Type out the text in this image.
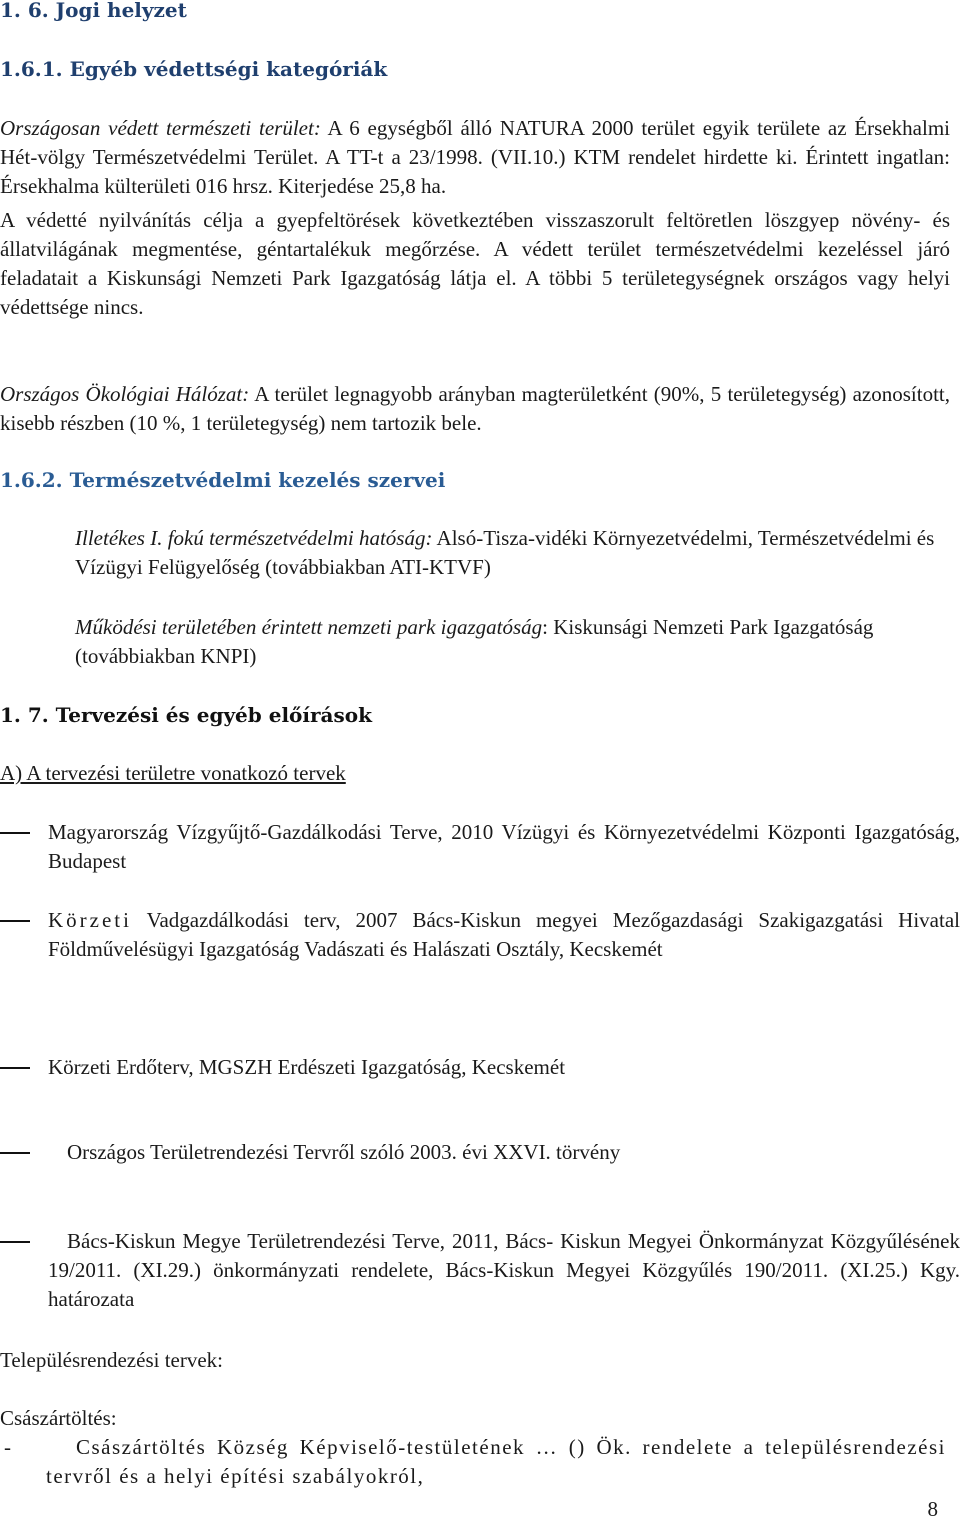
1. 6. Jogi helyzet
1.6.1. Egyéb védettségi kategóriák
Országosan védett természeti terület: A 6 egységből álló NATURA 2000 terület egyik területe az Érsekhalmi Hét-völgy Természetvédelmi Terület. A TT-t a 23/1998. (VII.10.) KTM rendelet hirdette ki. Érintett ingatlan: Érsekhalma külterületi 016 hrsz. Kiterjedése 25,8 ha.
A védetté nyilvánítás célja a gyepfeltörések következtében visszaszorult feltöretlen löszgyep növény- és állatvilágának megmentése, géntartalékuk megőrzése. A védett terület természetvédelmi kezeléssel járó feladatait a Kiskunsági Nemzeti Park Igazgatóság látja el. A többi 5 területegységnek országos vagy helyi védettsége nincs.
Országos Ökológiai Hálózat: A terület legnagyobb arányban magterületként (90%, 5 területegység) azonosított, kisebb részben (10 %, 1 területegység) nem tartozik bele.
1.6.2. Természetvédelmi kezelés szervei
Illetékes I. fokú természetvédelmi hatóság: Alsó-Tisza-vidéki Környezetvédelmi, Természetvédelmi és Vízügyi Felügyelőség (továbbiakban ATI-KTVF)
Működési területében érintett nemzeti park igazgatóság: Kiskunsági Nemzeti Park Igazgatóság (továbbiakban KNPI)
1. 7. Tervezési és egyéb előírások
A) A tervezési területre vonatkozó tervek
Magyarország Vízgyűjtő-Gazdálkodási Terve, 2010 Vízügyi és Környezetvédelmi Központi Igazgatóság, Budapest
Körzeti Vadgazdálkodási terv, 2007 Bács-Kiskun megyei Mezőgazdasági Szakigazgatási Hivatal Földművelésügyi Igazgatóság Vadászati és Halászati Osztály, Kecskemét
Körzeti Erdőterv, MGSZH Erdészeti Igazgatóság, Kecskemét
Országos Területrendezési Tervről szóló 2003. évi XXVI. törvény
Bács-Kiskun Megye Területrendezési Terve, 2011, Bács- Kiskun Megyei Önkormányzat Közgyűlésének 19/2011. (XI.29.) önkormányzati rendelete, Bács-Kiskun Megyei Közgyűlés 190/2011. (XI.25.) Kgy. határozata
Településrendezési tervek:
Császártöltés:
-	Császártöltés Község Képviselő-testületének … () Ök. rendelete a településrendezési tervről és a helyi építési szabályokról,
8
